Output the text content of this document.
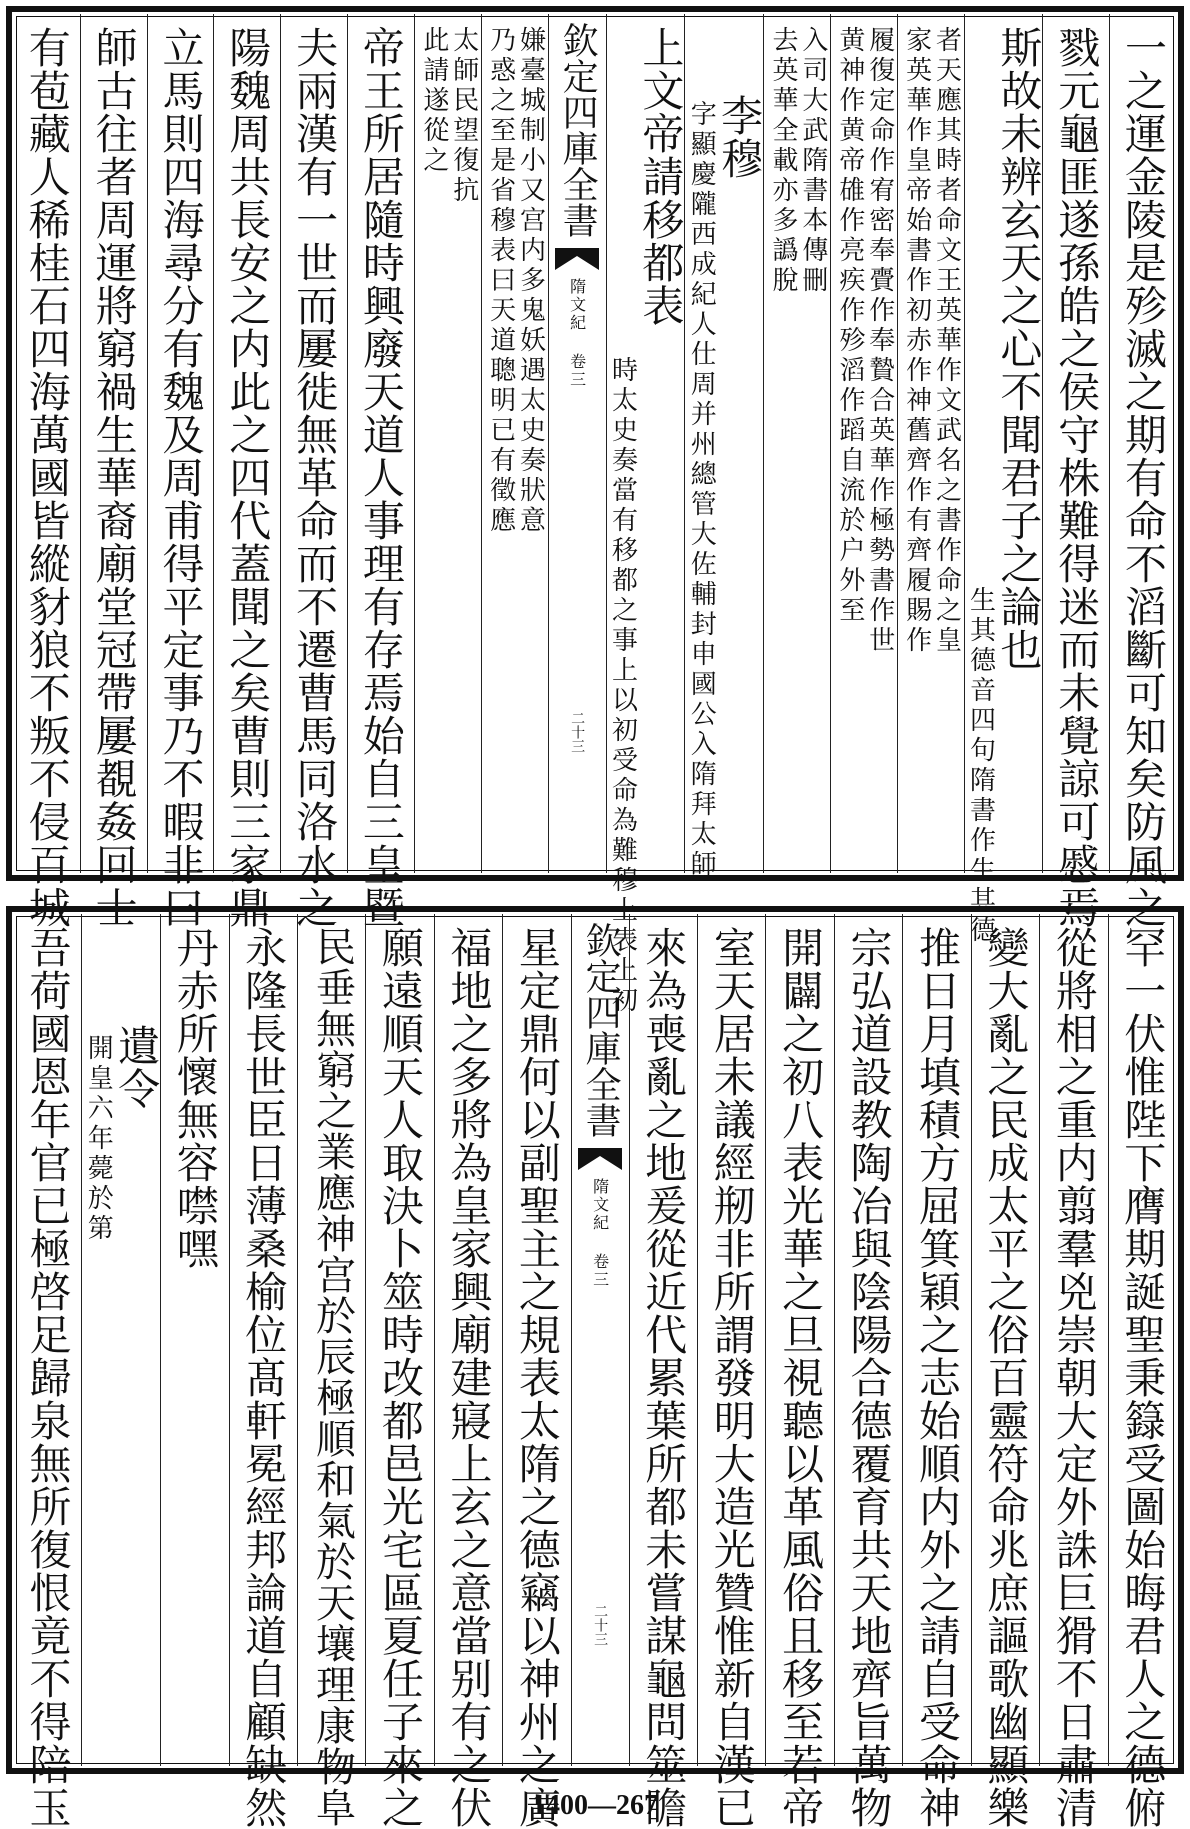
一之運金陵是殄滅之期有命不滔斷可知矣防風之
戮元龜匪遂孫皓之侯守株難得迷而未覺諒可慼焉
斯故未辨玄天之心不聞君子之論也
生其德音四句隋書作生其德
者天應其時者命文王英華作文武名之書作命之皇
家英華作皇帝始書作初赤作神舊齊作有齊履賜作
履復定命作宥密奉賷作奉贄合英華作極勢書作世
黄神作黄帝䧺作亮疾作殄滔作蹈自流於户外至
入司大武隋書本傳刪
去英華全載亦多譌脫
李穆
字顯慶隴西成紀人仕周并州總管大佐輔封申國公入隋拜太師
上文帝請移都表
時太史奏當有移都之事上以初受命為難穆上表上初
欽定四庫全書
隋文紀 卷三
二十三
嫌臺城制小又宫内多鬼妖遇太史奏狀意
乃惑之至是省穆表曰天道聰明已有徵應
太師民望復抗
此請遂從之
帝王所居隨時興廢天道人事理有存焉始自三皇暨
夫兩漢有一世而屢徙無革命而不遷曹馬同洛水之
陽魏周共長安之内此之四代蓋聞之矣曹則三家鼎
立馬則四海尋分有魏及周甫得平定事乃不暇非曰
師古往者周運將窮禍生華裔廟堂冠帶屢覩姦回士
有苞藏人稀桂石四海萬國皆縱豺狼不叛不侵百城
罕一伏惟陛下膺期誕聖秉籙受圖始晦君人之德俯
從將相之重内翦羣兇崇朝大定外誅巨猾不日肅清
變大亂之民成太平之俗百靈符命兆庶謳歌幽顯樂
推日月填積方屈箕穎之志始順内外之請自受命神
宗弘道設教陶冶與陰陽合德覆育共天地齊旨萬物
開闢之初八表光華之旦視聽以革風俗且移至若帝
室天居未議經剏非所謂發明大造光贊惟新自漢已
來為喪亂之地爰從近代累葉所都未嘗謀龜問筮瞻
欽定四庫全書
隋文紀 卷三
二十三
星定鼎何以副聖主之規表太隋之德竊以神州之廣
福地之多將為皇家興廟建寢上玄之意當别有之伏
願遠順天人取決卜筮時改都邑光宅區夏任子來之
民垂無窮之業應神宫於辰極順和氣於天壤理康物阜
永隆長世臣日薄桑榆位髙軒冕經邦論道自顧缺然
丹赤所懷無容噤嘿
遺令
開皇六年薨於第
吾荷國恩年官已極啓足歸泉無所復恨竟不得陪玉	1400—267
